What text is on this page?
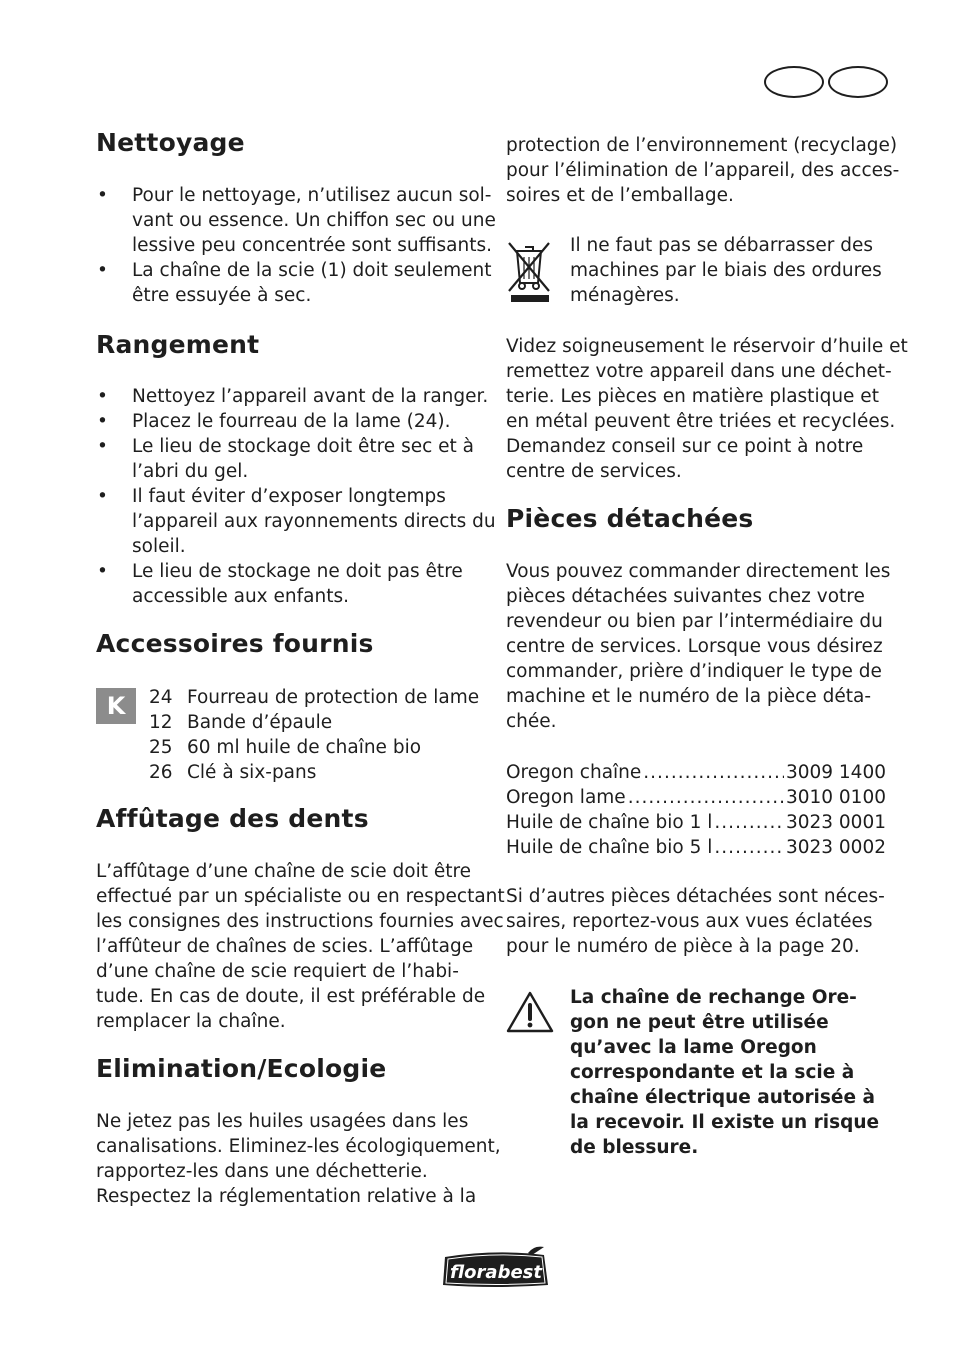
Nettoyage
• Pour le nettoyage, n’utilisez aucun sol-
vant ou essence. Un chiffon sec ou une
lessive peu concentrée sont suffisants.
• La chaîne de la scie (1) doit seulement
être essuyée à sec.
Rangement
• Nettoyez l’appareil avant de la ranger.
• Placez le fourreau de la lame (24).
• Le lieu de stockage doit être sec et à
l’abri du gel.
• Il faut éviter d’exposer longtemps
l’appareil aux rayonnements directs du
soleil.
• Le lieu de stockage ne doit pas être
accessible aux enfants.
Accessoires fournis
K	24 Fourreau de protection de lame
12 Bande d’épaule
25 60 ml huile de chaîne bio
26 Clé à six-pans
Affûtage des dents
L’affûtage d’une chaîne de scie doit être
effectué par un spécialiste ou en respectant
les consignes des instructions fournies avec
l’affûteur de chaînes de scies. L’affûtage
d’une chaîne de scie requiert de l’habi-
tude. En cas de doute, il est préférable de
remplacer la chaîne.
Elimination/Ecologie
Ne jetez pas les huiles usagées dans les
canalisations. Eliminez-les écologiquement,
rapportez-les dans une déchetterie.
Respectez la réglementation relative à la
protection de l’environnement (recyclage)
pour l’élimination de l’appareil, des acces-
soires et de l’emballage.
Il ne faut pas se débarrasser des
machines par le biais des ordures
ménagères.
Videz soigneusement le réservoir d’huile et
remettez votre appareil dans une déchet-
terie. Les pièces en matière plastique et
en métal peuvent être triées et recyclées.
Demandez conseil sur ce point à notre
centre de services.
Pièces détachées
Vous pouvez commander directement les
pièces détachées suivantes chez votre
revendeur ou bien par l’intermédiaire du
centre de services. Lorsque vous désirez
commander, prière d’indiquer le type de
machine et le numéro de la pièce déta-
chée.
Oregon chaîne .....	3009 1400
Oregon lame .....	3010 0100
Huile de chaîne bio 1 l .....	3023 0001
Huile de chaîne bio 5 l .....	3023 0002
Si d’autres pièces détachées sont néces-
saires, reportez-vous aux vues éclatées
pour le numéro de pièce à la page 20.
La chaîne de rechange Ore-
gon ne peut être utilisée
qu’avec la lame Oregon
correspondante et la scie à
chaîne électrique autorisée à
la recevoir. Il existe un risque
de blessure.
florabest
